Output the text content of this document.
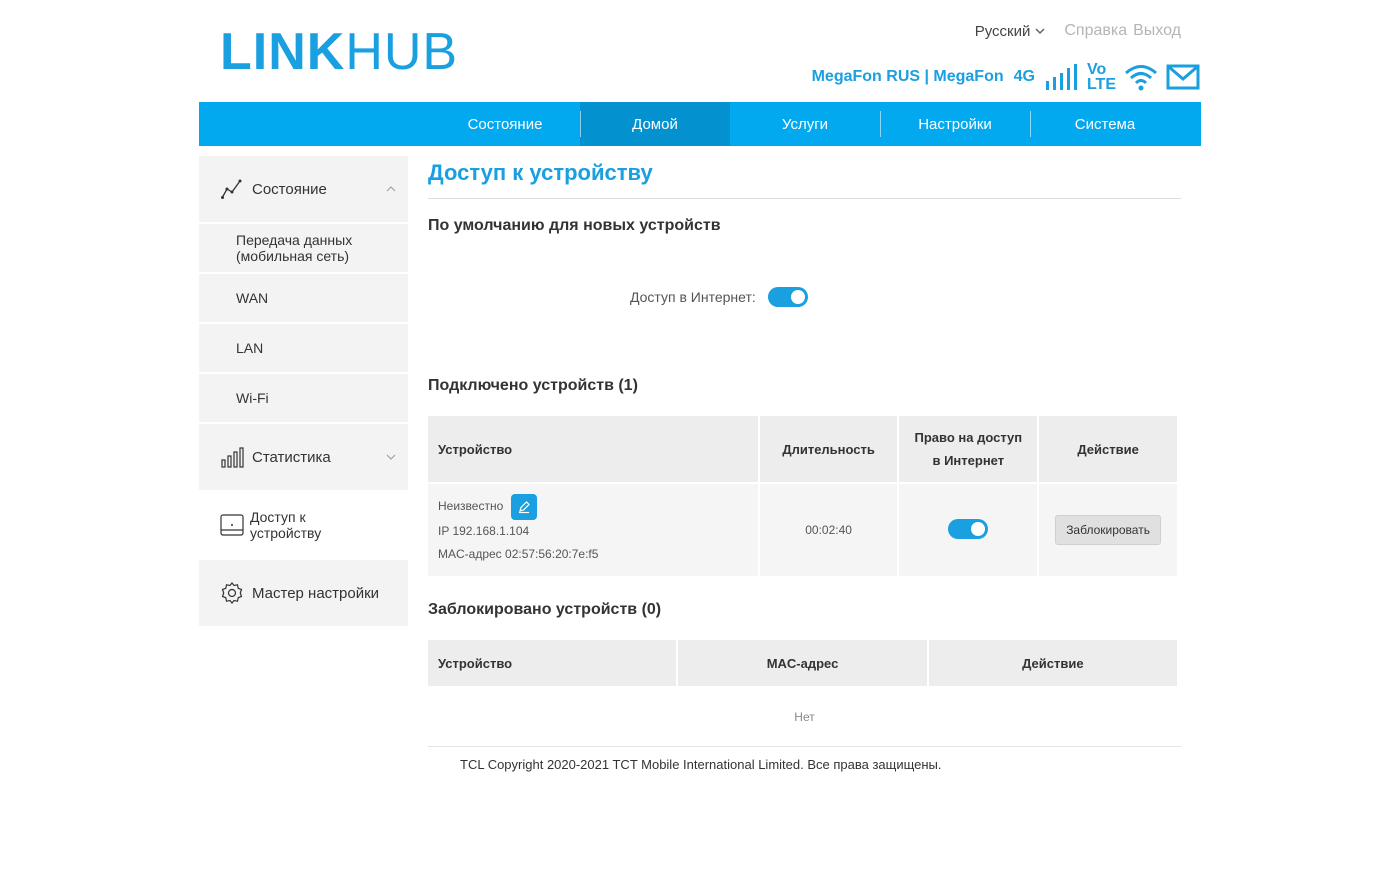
LINKHUB	Русский Справка Выход
MegaFon RUS | MegaFon 4G	Vo
LTE
Состояние	Домой	Услуги	Настройки	Система
Состояние
Передача данных (мобильная сеть)
WAN
LAN
Wi-Fi
Статистика
Доступ к устройству
Мастер настройки
Доступ к устройству
По умолчанию для новых устройств
Доступ в Интернет:
Подключено устройств (1)
Устройство	Длительность	Право на доступ в Интернет	Действие

Неизвестно
IP 192.168.1.104
MAC-адрес 02:57:56:20:7e:f5	00:02:40		Заблокировать
Заблокировано устройств (0)
Устройство	MAC-адрес	Действие
Нет
TCL Copyright 2020-2021 TCT Mobile International Limited. Все права защищены.
